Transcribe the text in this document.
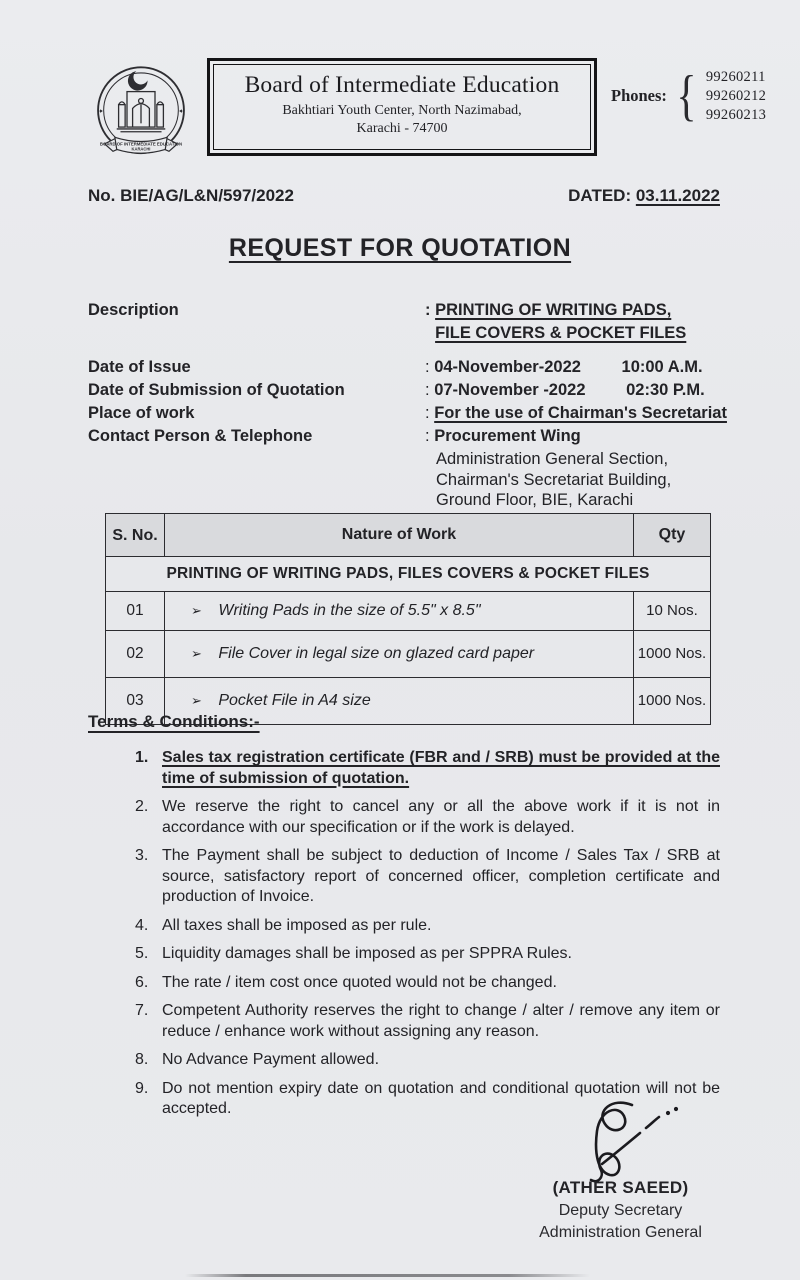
BOARD OF INTERMEDIATE EDUCATION
KARACHI
Board of Intermediate Education
Bakhtiari Youth Center, North Nazimabad,
Karachi - 74700
Phones: { 99260211
99260212
99260213
No. BIE/AG/L&N/597/2022	DATED: 03.11.2022
REQUEST FOR QUOTATION
Description	: PRINTING OF WRITING PADS,
FILE COVERS & POCKET FILES
Date of Issue	: 04-November-2022 10:00 A.M.
Date of Submission of Quotation	: 07-November -2022 02:30 P.M.
Place of work	: For the use of Chairman's Secretariat
Contact Person & Telephone	: Procurement Wing
Administration General Section,
Chairman's Secretariat Building,
Ground Floor, BIE, Karachi
S. No.	Nature of Work	Qty
PRINTING OF WRITING PADS, FILES COVERS & POCKET FILES		
01	➢ Writing Pads in the size of 5.5" x 8.5"	10 Nos.
02	➢ File Cover in legal size on glazed card paper	1000 Nos.
03	➢ Pocket File in A4 size	1000 Nos.
Terms & Conditions:-
1. Sales tax registration certificate (FBR and / SRB) must be provided at the time of submission of quotation.
2. We reserve the right to cancel any or all the above work if it is not in accordance with our specification or if the work is delayed.
3. The Payment shall be subject to deduction of Income / Sales Tax / SRB at source, satisfactory report of concerned officer, completion certificate and production of Invoice.
4. All taxes shall be imposed as per rule.
5. Liquidity damages shall be imposed as per SPPRA Rules.
6. The rate / item cost once quoted would not be changed.
7. Competent Authority reserves the right to change / alter / remove any item or reduce / enhance work without assigning any reason.
8. No Advance Payment allowed.
9. Do not mention expiry date on quotation and conditional quotation will not be accepted.
(ATHER SAEED)
Deputy Secretary
Administration General
